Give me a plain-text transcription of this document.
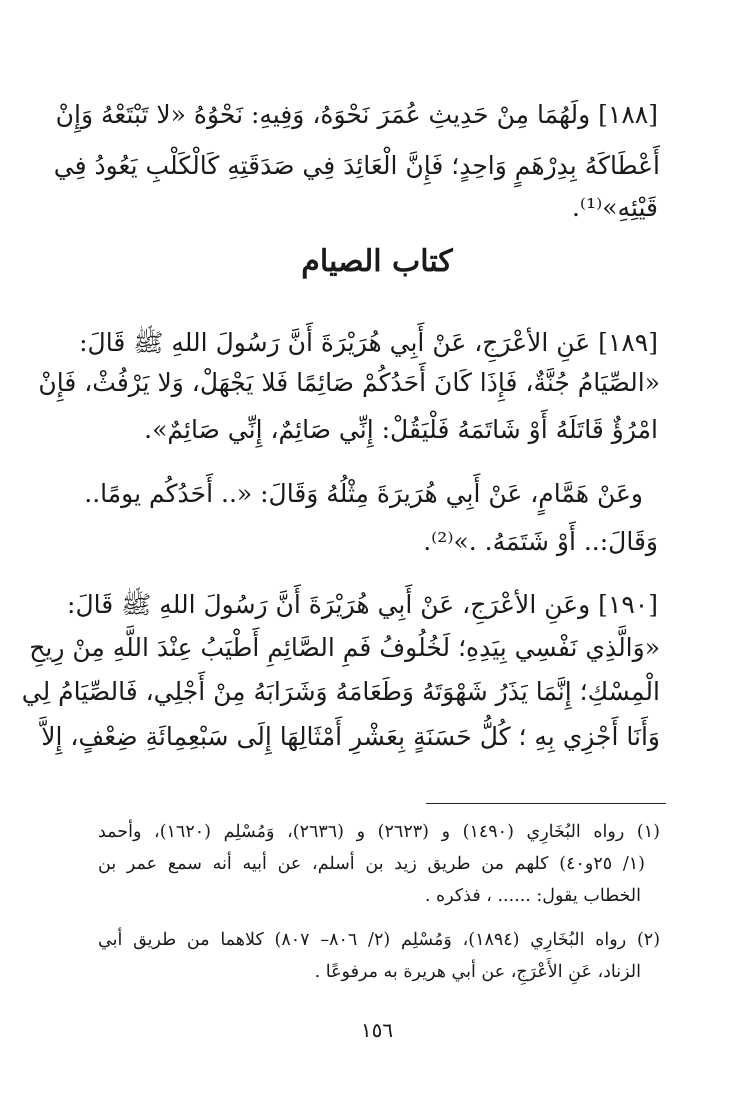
[١٨٨] ولَهُمَا مِنْ حَدِيثِ عُمَرَ نَحْوَهُ، وَفِيهِ: نَحْوُهُ «لا تَبْتَعْهُ وَإِنْ
أَعْطَاكَهُ بِدِرْهَمٍ وَاحِدٍ؛ فَإِنَّ الْعَائِدَ فِي صَدَقَتِهِ كَالْكَلْبِ يَعُودُ فِي
قَيْئِهِ»⁽¹⁾.
كتاب الصيام
[١٨٩] عَنِ الأعْرَجِ، عَنْ أَبِي هُرَيْرَةَ أَنَّ رَسُولَ اللهِ ﷺ قَالَ:
«الصِّيَامُ جُنَّةٌ، فَإِذَا كَانَ أَحَدُكُمْ صَائِمًا فَلا يَجْهَلْ، وَلا يَرْفُثْ، فَإِنْ
امْرُؤٌ قَاتَلَهُ أَوْ شَاتَمَهُ فَلْيَقُلْ: إِنِّي صَائِمٌ، إِنِّي صَائِمٌ».
وعَنْ هَمَّامٍ، عَنْ أَبِي هُرَيرَةَ مِثْلُهُ وَقَالَ: «.. أَحَدُكُم يومًا..
وَقَالَ:.. أَوْ شَتَمَهُ. .»⁽²⁾.
[١٩٠] وعَنِ الأعْرَجِ، عَنْ أَبِي هُرَيْرَةَ أَنَّ رَسُولَ اللهِ ﷺ قَالَ:
«وَالَّذِي نَفْسِي بِيَدِهِ؛ لَخُلُوفُ فَمِ الصَّائِمِ أَطْيَبُ عِنْدَ اللَّهِ مِنْ رِيحِ
الْمِسْكِ؛ إِنَّمَا يَذَرُ شَهْوَتَهُ وَطَعَامَهُ وَشَرَابَهُ مِنْ أَجْلِي، فَالصِّيَامُ لِي
وَأَنَا أَجْزِي بِهِ ؛ كُلُّ حَسَنَةٍ بِعَشْرِ أَمْثَالِهَا إِلَى سَبْعِمِائَةِ ضِعْفٍ، إِلاَّ
(١) رواه البُخَارِي (١٤٩٠) و (٢٦٢٣) و (٢٦٣٦)، وَمُسْلِم (١٦٢٠)، وأحمد
(١/ ٢٥و٤٠) كلهم من طريق زيد بن أسلم، عن أبيه أنه سمع عمر بن
الخطاب يقول: ...... ، فذكره .
(٢) رواه البُخَارِي (١٨٩٤)، وَمُسْلِم (٢/ ٨٠٦– ٨٠٧) كلاهما من طريق أبي
الزناد، عَنِ الأَعْرَجِ، عن أبي هريرة به مرفوعًا .
١٥٦
